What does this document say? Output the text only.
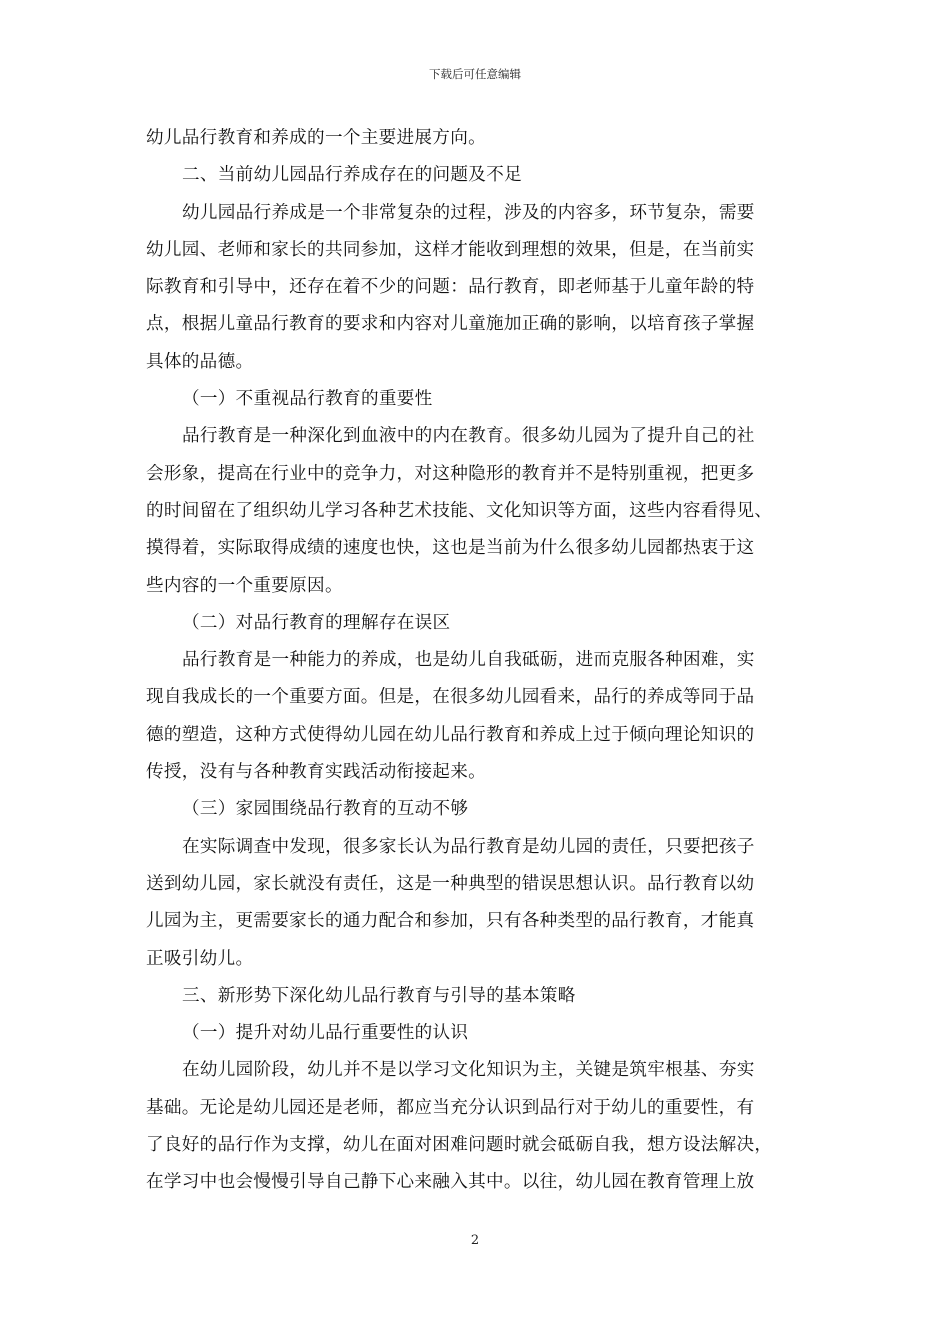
下载后可任意编辑
幼儿品行教育和养成的一个主要进展方向。
二、当前幼儿园品行养成存在的问题及不足
幼儿园品行养成是一个非常复杂的过程，涉及的内容多，环节复杂，需要
幼儿园、老师和家长的共同参加，这样才能收到理想的效果，但是，在当前实
际教育和引导中，还存在着不少的问题：品行教育，即老师基于儿童年龄的特
点，根据儿童品行教育的要求和内容对儿童施加正确的影响，以培育孩子掌握
具体的品德。
（一）不重视品行教育的重要性
品行教育是一种深化到血液中的内在教育。很多幼儿园为了提升自己的社
会形象，提高在行业中的竞争力，对这种隐形的教育并不是特别重视，把更多
的时间留在了组织幼儿学习各种艺术技能、文化知识等方面，这些内容看得见、
摸得着，实际取得成绩的速度也快，这也是当前为什么很多幼儿园都热衷于这
些内容的一个重要原因。
（二）对品行教育的理解存在误区
品行教育是一种能力的养成，也是幼儿自我砥砺，进而克服各种困难，实
现自我成长的一个重要方面。但是，在很多幼儿园看来，品行的养成等同于品
德的塑造，这种方式使得幼儿园在幼儿品行教育和养成上过于倾向理论知识的
传授，没有与各种教育实践活动衔接起来。
（三）家园围绕品行教育的互动不够
在实际调查中发现，很多家长认为品行教育是幼儿园的责任，只要把孩子
送到幼儿园，家长就没有责任，这是一种典型的错误思想认识。品行教育以幼
儿园为主，更需要家长的通力配合和参加，只有各种类型的品行教育，才能真
正吸引幼儿。
三、新形势下深化幼儿品行教育与引导的基本策略
（一）提升对幼儿品行重要性的认识
在幼儿园阶段，幼儿并不是以学习文化知识为主，关键是筑牢根基、夯实
基础。无论是幼儿园还是老师，都应当充分认识到品行对于幼儿的重要性，有
了良好的品行作为支撑，幼儿在面对困难问题时就会砥砺自我，想方设法解决，
在学习中也会慢慢引导自己静下心来融入其中。以往，幼儿园在教育管理上放
2
